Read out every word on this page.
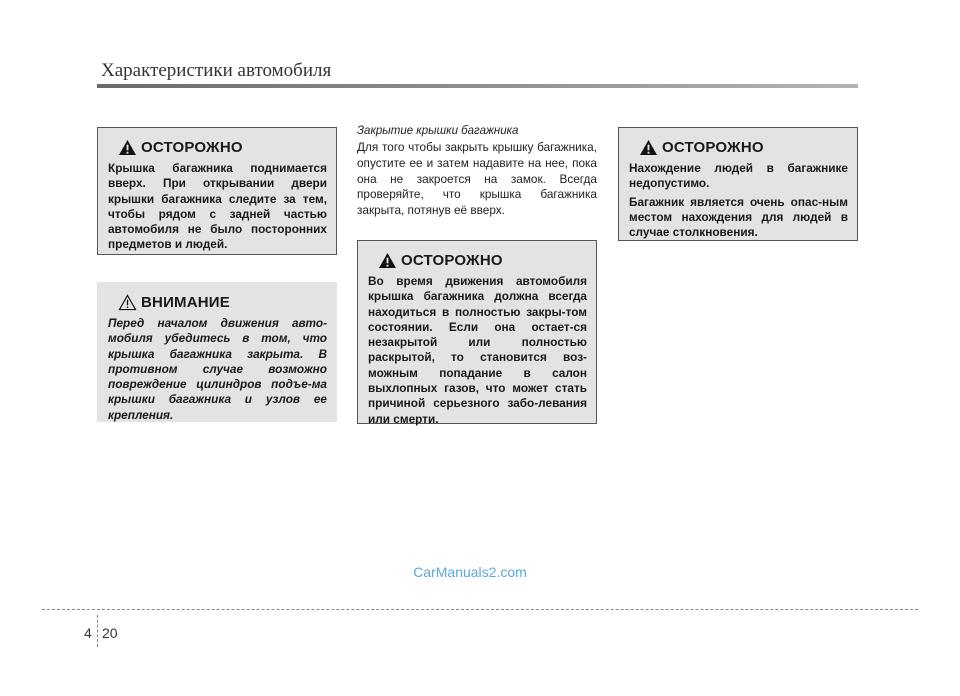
Характеристики автомобиля
ОСТОРОЖНО

Крышка багажника поднимается вверх. При открывании двери крышки багажника следите за тем, чтобы рядом с задней частью автомобиля не было посторонних предметов и людей.

ВНИМАНИЕ

Перед началом движения авто-мобиля убедитесь в том, что крышка багажника закрыта. В противном случае возможно повреждение цилиндров подъе-ма крышки багажника и узлов ее крепления.

Закрытие крышки багажника
Для того чтобы закрыть крышку багажника, опустите ее и затем надавите на нее, пока она не закроется на замок. Всегда проверяйте, что крышка багажника закрыта, потянув её вверх.
ОСТОРОЖНО

Во время движения автомобиля крышка багажника должна всегда находиться в полностью закры-том состоянии. Если она остает-ся незакрытой или полностью раскрытой, то становится воз-можным попадание в салон выхлопных газов, что может стать причиной серьезного забо-левания или смерти.

ОСТОРОЖНО

Нахождение людей в багажнике недопустимо.

Багажник является очень опас-ным местом нахождения для людей в случае столкновения.

CarManuals2.com
4 20
